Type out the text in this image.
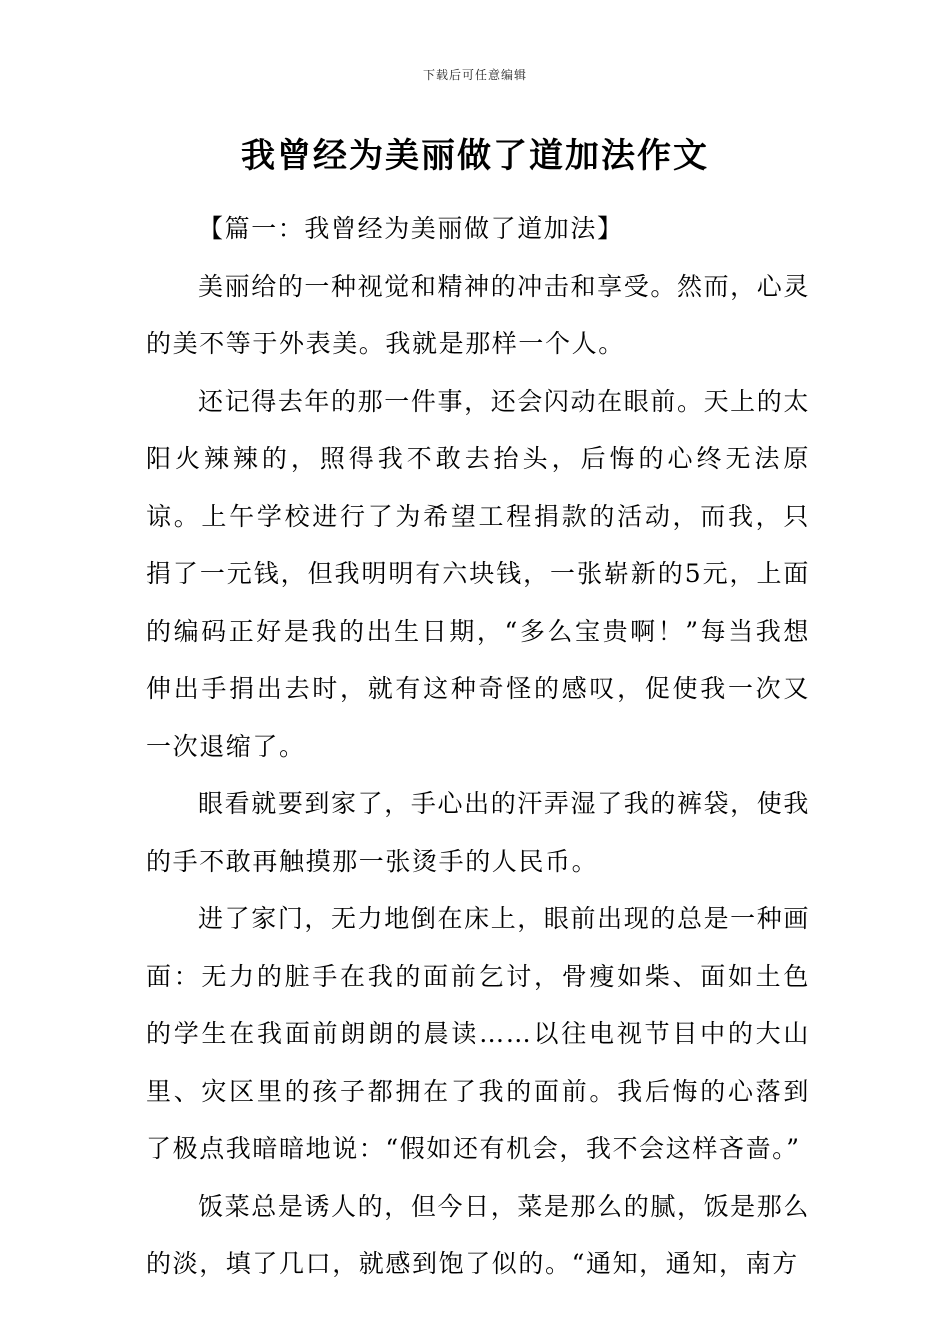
下载后可任意编辑
我曾经为美丽做了道加法作文

【篇一：我曾经为美丽做了道加法】

美丽给的一种视觉和精神的冲击和享受。然而，心灵的美不等于外表美。我就是那样一个人。

还记得去年的那一件事，还会闪动在眼前。天上的太阳火辣辣的，照得我不敢去抬头，后悔的心终无法原谅。上午学校进行了为希望工程捐款的活动，而我，只捐了一元钱，但我明明有六块钱，一张崭新的5元，上面的编码正好是我的出生日期，“多么宝贵啊！”每当我想伸出手捐出去时，就有这种奇怪的感叹，促使我一次又一次退缩了。

眼看就要到家了，手心出的汗弄湿了我的裤袋，使我的手不敢再触摸那一张烫手的人民币。

进了家门，无力地倒在床上，眼前出现的总是一种画面：无力的脏手在我的面前乞讨，骨瘦如柴、面如土色的学生在我面前朗朗的晨读……以往电视节目中的大山里、灾区里的孩子都拥在了我的面前。我后悔的心落到了极点我暗暗地说：“假如还有机会，我不会这样吝啬。”

饭菜总是诱人的，但今日，菜是那么的腻，饭是那么的淡，填了几口，就感到饱了似的。“通知，通知，南方
